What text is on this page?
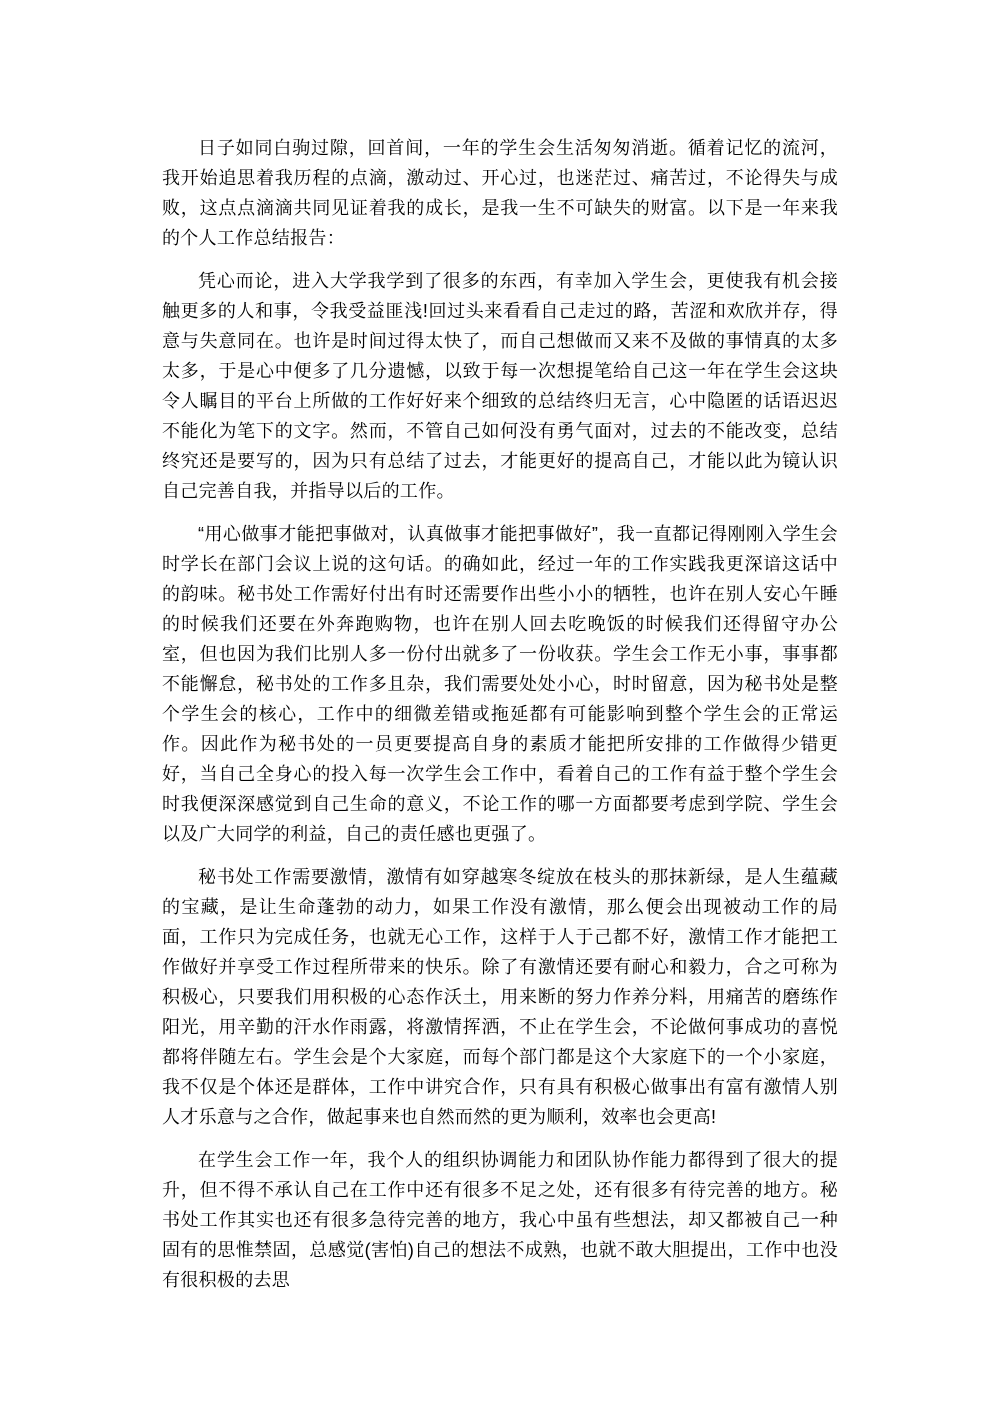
日子如同白驹过隙，回首间，一年的学生会生活匆匆消逝。循着记忆的流河，我开始追思着我历程的点滴，激动过、开心过，也迷茫过、痛苦过，不论得失与成败，这点点滴滴共同见证着我的成长，是我一生不可缺失的财富。以下是一年来我的个人工作总结报告：

凭心而论，进入大学我学到了很多的东西，有幸加入学生会，更使我有机会接触更多的人和事，令我受益匪浅!回过头来看看自己走过的路，苦涩和欢欣并存，得意与失意同在。也许是时间过得太快了，而自己想做而又来不及做的事情真的太多太多，于是心中便多了几分遗憾，以致于每一次想提笔给自己这一年在学生会这块令人瞩目的平台上所做的工作好好来个细致的总结终归无言，心中隐匿的话语迟迟不能化为笔下的文字。然而，不管自己如何没有勇气面对，过去的不能改变，总结终究还是要写的，因为只有总结了过去，才能更好的提高自己，才能以此为镜认识自己完善自我，并指导以后的工作。

“用心做事才能把事做对，认真做事才能把事做好”，我一直都记得刚刚入学生会时学长在部门会议上说的这句话。的确如此，经过一年的工作实践我更深谙这话中的韵味。秘书处工作需好付出有时还需要作出些小小的牺牲，也许在别人安心午睡的时候我们还要在外奔跑购物，也许在别人回去吃晚饭的时候我们还得留守办公室，但也因为我们比别人多一份付出就多了一份收获。学生会工作无小事，事事都不能懈怠，秘书处的工作多且杂，我们需要处处小心，时时留意，因为秘书处是整个学生会的核心，工作中的细微差错或拖延都有可能影响到整个学生会的正常运作。因此作为秘书处的一员更要提高自身的素质才能把所安排的工作做得少错更好，当自己全身心的投入每一次学生会工作中，看着自己的工作有益于整个学生会时我便深深感觉到自己生命的意义，不论工作的哪一方面都要考虑到学院、学生会以及广大同学的利益，自己的责任感也更强了。

秘书处工作需要激情，激情有如穿越寒冬绽放在枝头的那抹新绿，是人生蕴藏的宝藏，是让生命蓬勃的动力，如果工作没有激情，那么便会出现被动工作的局面，工作只为完成任务，也就无心工作，这样于人于己都不好，激情工作才能把工作做好并享受工作过程所带来的快乐。除了有激情还要有耐心和毅力，合之可称为积极心，只要我们用积极的心态作沃土，用来断的努力作养分料，用痛苦的磨练作阳光，用辛勤的汗水作雨露，将激情挥洒，不止在学生会，不论做何事成功的喜悦都将伴随左右。学生会是个大家庭，而每个部门都是这个大家庭下的一个小家庭，我不仅是个体还是群体，工作中讲究合作，只有具有积极心做事出有富有激情人别人才乐意与之合作，做起事来也自然而然的更为顺利，效率也会更高!

在学生会工作一年，我个人的组织协调能力和团队协作能力都得到了很大的提升，但不得不承认自己在工作中还有很多不足之处，还有很多有待完善的地方。秘书处工作其实也还有很多急待完善的地方，我心中虽有些想法，却又都被自己一种固有的思惟禁固，总感觉(害怕)自己的想法不成熟，也就不敢大胆提出，工作中也没有很积极的去思
